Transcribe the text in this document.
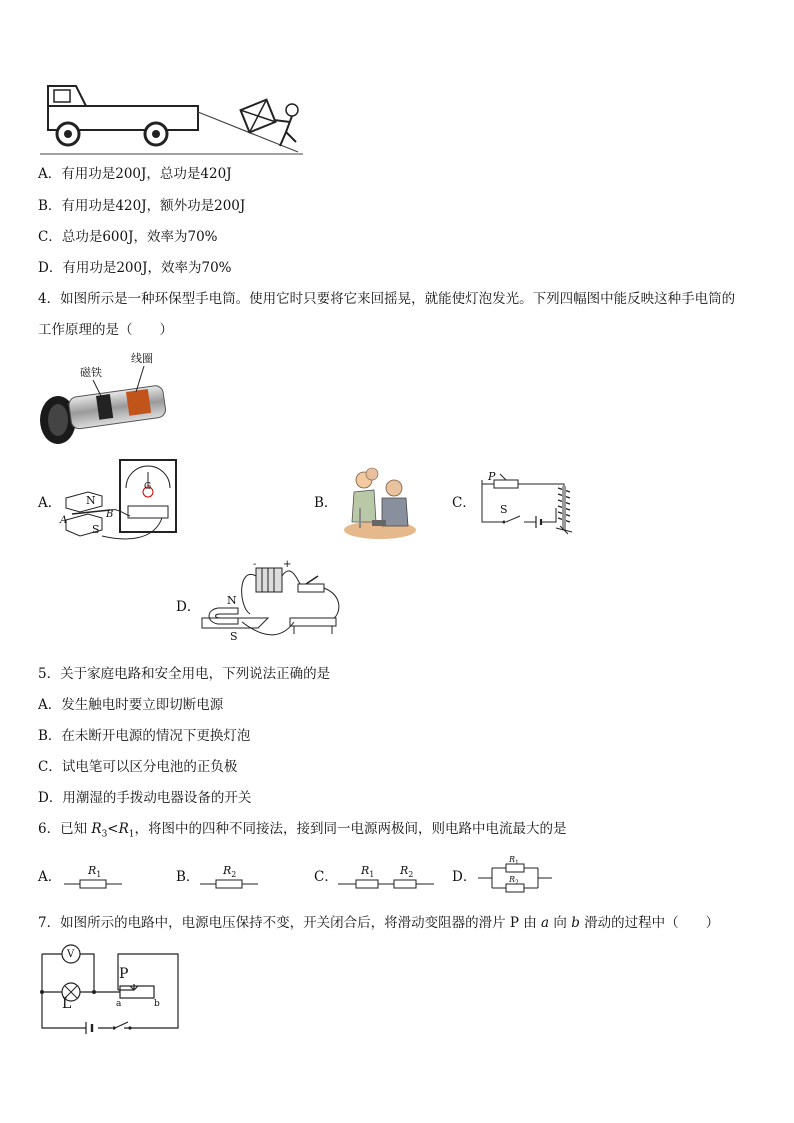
A．有用功是200J，总功是420J
B．有用功是420J，额外功是200J
C．总功是600J，效率为70%
D．有用功是200J，效率为70%
4．如图所示是一种环保型手电筒。使用它时只要将它来回摇晃，就能使灯泡发光。下列四幅图中能反映这种手电筒的
工作原理的是（　　）
磁铁
线圈
A． N
S
G
A
B
B．	C．
P
S
D． N
S
-	+
5．关于家庭电路和安全用电，下列说法正确的是
A．发生触电时要立即切断电源
B．在未断开电源的情况下更换灯泡
C．试电笔可以区分电池的正负极
D．用潮湿的手拨动电器设备的开关
6．已知 $R_3<R_1$，将图中的四种不同接法，接到同一电源两极间，则电路中电流最大的是
A． $R_1$	B． $R_2$	C． $R_1$ $R_2$	D．
$R_1$
$R_2$
7．如图所示的电路中，电源电压保持不变，开关闭合后，将滑动变阻器的滑片 P 由 a 向 b 滑动的过程中（　　）
V
P
L	a	b
